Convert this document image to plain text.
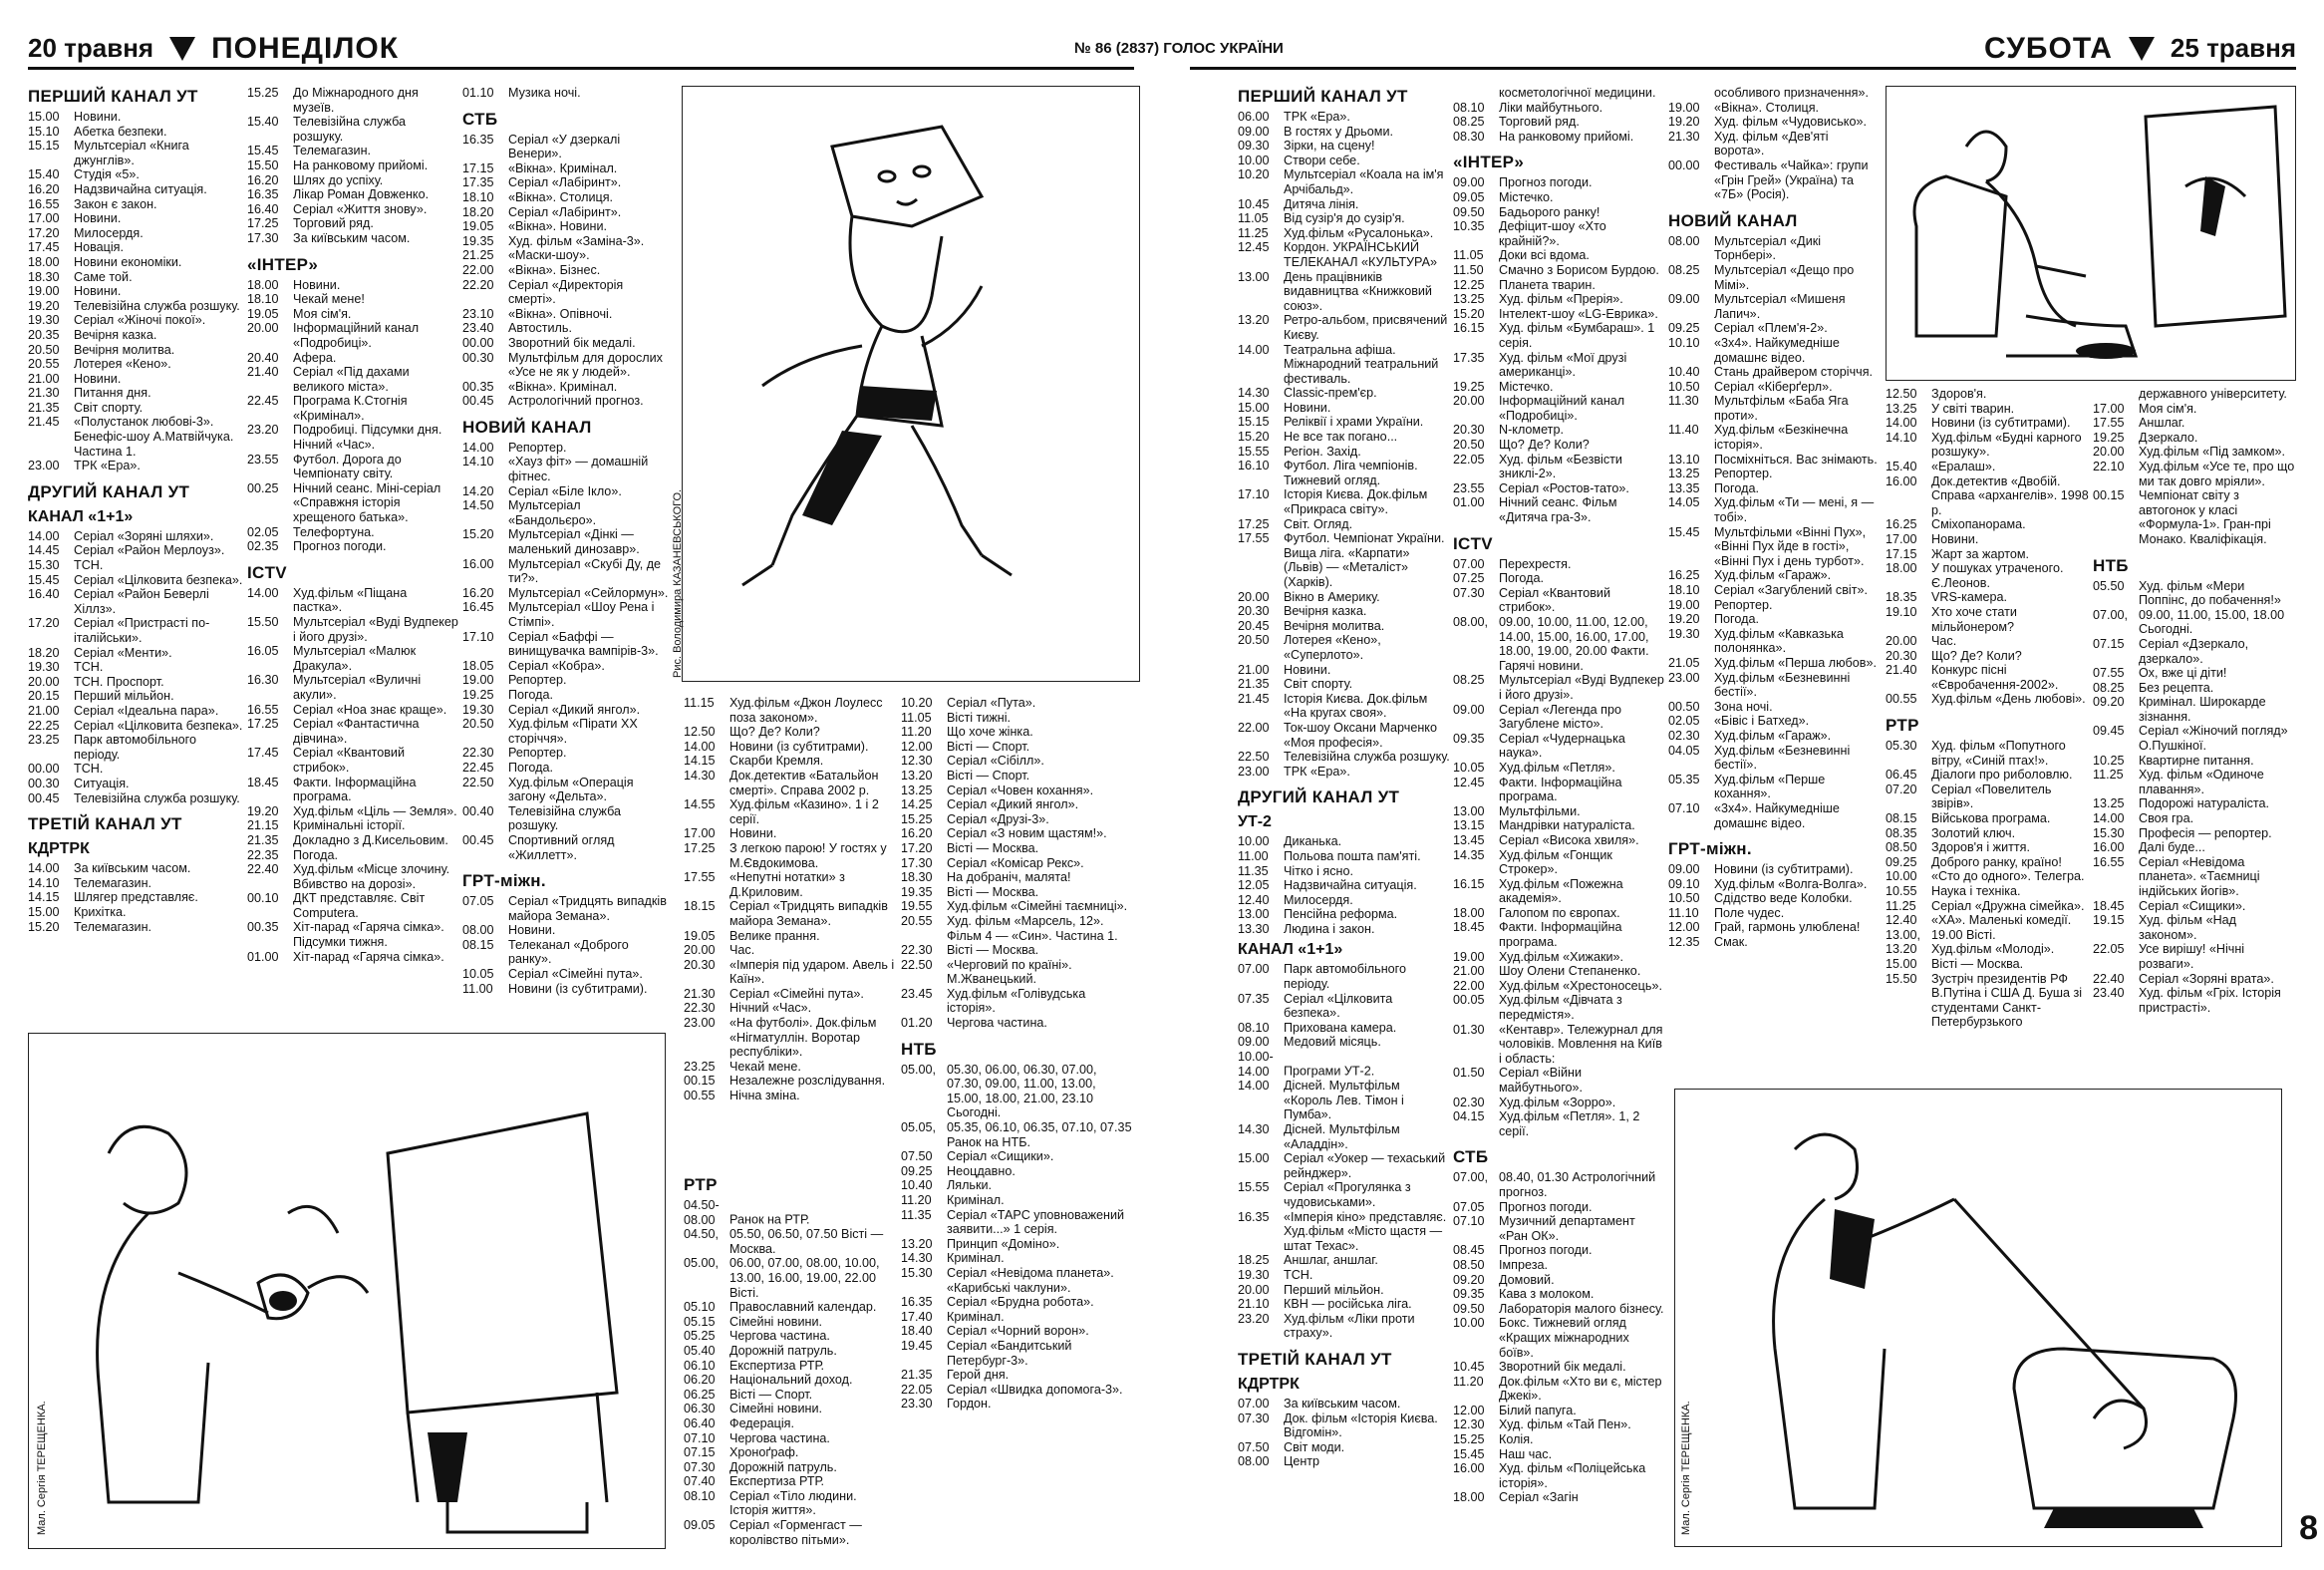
20 травня ПОНЕДІЛОК	№ 86 (2837) ГОЛОС УКРАЇНИ
ПЕРШИЙ КАНАЛ УТ
15.00 Новини.
15.10 Абетка безпеки.
15.15 Мультсеріал «Книга джунглів».
15.40 Студія «5».
16.20 Надзвичайна ситуація.
16.55 Закон є закон.
17.00 Новини.
17.20 Милосердя.
17.45 Новація.
18.00 Новини економіки.
18.30 Саме той.
19.00 Новини.
19.20 Телевізійна служба розшуку.
19.30 Серіал «Жіночі покої».
20.35 Вечірня казка.
20.50 Вечірня молитва.
20.55 Лотерея «Кено».
21.00 Новини.
21.30 Питання дня.
21.35 Світ спорту.
21.45 «Полустанок любові-3». Бенефіс-шоу А.Матвійчука. Частина 1.
23.00 ТРК «Ера».
ДРУГИЙ КАНАЛ УТ
КАНАЛ «1+1»
14.00 Серіал «Зоряні шляхи».
14.45 Серіал «Район Мерлоуз».
15.30 ТСН.
15.45 Серіал «Цілковита безпека».
16.40 Серіал «Район Беверлі Хіллз».
17.20 Серіал «Пристрасті по-італійськи».
18.20 Серіал «Менти».
19.30 ТСН.
20.00 ТСН. Проспорт.
20.15 Перший мільйон.
21.00 Серіал «Ідеальна пара».
22.25 Серіал «Цілковита безпека».
23.25 Парк автомобільного періоду.
00.00 ТСН.
00.30 Ситуація.
00.45 Телевізійна служба розшуку.
ТРЕТІЙ КАНАЛ УТ
КДРТРК
14.00 За київським часом.
14.10 Телемагазин.
14.15 Шлягер представляє.
15.00 Крихітка.
15.20 Телемагазин.
15.25 До Міжнародного дня музеїв.
15.40 Телевізійна служба розшуку.
15.45 Телемагазин.
15.50 На ранковому прийомі.
16.20 Шлях до успіху.
16.35 Лікар Роман Довженко.
16.40 Серіал «Життя знову».
17.25 Торговий ряд.
17.30 За київським часом.
«ІНТЕР»
18.00 Новини.
18.10 Чекай мене!
19.05 Моя сім'я.
20.00 Інформаційний канал «Подробиці».
20.40 Афера.
21.40 Серіал «Під дахами великого міста».
22.45 Програма К.Стогнія «Кримінал».
23.20 Подробиці. Підсумки дня. Нічний «Час».
23.55 Футбол. Дорога до Чемпіонату світу.
00.25 Нічний сеанс. Міні-серіал «Справжня історія хрещеного батька».
02.05 Телефортуна.
02.35 Прогноз погоди.
ICTV
14.00 Худ.фільм «Піщана пастка».
15.50 Мультсеріал «Вуді Вудпекер і його друзі».
16.05 Мультсеріал «Малюк Дракула».
16.30 Мультсеріал «Вуличні акули».
16.55 Серіал «Ноа знає краще».
17.25 Серіал «Фантастична дівчина».
17.45 Серіал «Квантовий стрибок».
18.45 Факти. Інформаційна програма.
19.20 Худ.фільм «Ціль — Земля».
21.15 Кримінальні історії.
21.35 Докладно з Д.Кисельовим.
22.35 Погода.
22.40 Худ.фільм «Місце злочину. Вбивство на дорозі».
00.10 ДКТ представляє. Світ Computera.
00.35 Хіт-парад «Гаряча сімка». Підсумки тижня.
01.00 Хіт-парад «Гаряча сімка».
01.10 Музика ночі.
СТБ
16.35 Серіал «У дзеркалі Венери».
17.15 «Вікна». Кримінал.
17.35 Серіал «Лабіринт».
18.10 «Вікна». Столиця.
18.20 Серіал «Лабіринт».
19.05 «Вікна». Новини.
19.35 Худ. фільм «Заміна-3».
21.25 «Маски-шоу».
22.00 «Вікна». Бізнес.
22.20 Серіал «Директорія смерті».
23.10 «Вікна». Опівночі.
23.40 Автостиль.
00.00 Зворотний бік медалі.
00.30 Мультфільм для дорослих «Усе не як у людей».
00.35 «Вікна». Кримінал.
00.45 Астрологічний прогноз.
НОВИЙ КАНАЛ
14.00 Репортер.
14.10 «Хауз фіт» — домашній фітнес.
14.20 Серіал «Біле Ікло».
14.50 Мультсеріал «Бандольєро».
15.20 Мультсеріал «Дінкі — маленький динозавр».
16.00 Мультсеріал «Скубі Ду, де ти?».
16.20 Мультсеріал «Сейлормун».
16.45 Мультсеріал «Шоу Рена і Стімпі».
17.10 Серіал «Баффі — винищувачка вампірів-3».
18.05 Серіал «Кобра».
19.00 Репортер.
19.25 Погода.
19.30 Серіал «Дикий янгол».
20.50 Худ.фільм «Пірати ХХ сторіччя».
22.30 Репортер.
22.45 Погода.
22.50 Худ.фільм «Операція загону «Дельта».
00.40 Телевізійна служба розшуку.
00.45 Спортивний огляд «Жиллетт».
ГРТ-міжн.
07.05 Серіал «Тридцять випадків майора Земана».
08.00 Новини.
08.15 Телеканал «Доброго ранку».
10.05 Серіал «Сімейні пута».
11.00 Новини (із субтитрами).
Рис. Володимира КАЗАНЕВСЬКОГО.
11.15 Худ.фільм «Джон Лоулесс поза законом».
12.50 Що? Де? Коли?
14.00 Новини (із субтитрами).
14.15 Скарби Кремля.
14.30 Док.детектив «Батальйон смерті». Справа 2002 р.
14.55 Худ.фільм «Казино». 1 і 2 серії.
17.00 Новини.
17.25 З легкою парою! У гостях у М.Євдокимова.
17.55 «Непутні нотатки» з Д.Криловим.
18.15 Серіал «Тридцять випадків майора Земана».
19.05 Велике прання.
20.00 Час.
20.30 «Імперія під ударом. Авель і Каїн».
21.30 Серіал «Сімейні пута».
22.30 Нічний «Час».
23.00 «На футболі». Док.фільм «Нігматуллін. Воротар республіки».
23.25 Чекай мене.
00.15 Незалежне розслідування.
00.55 Нічна зміна.
РТР
04.50-08.00 Ранок на РТР.
04.50, 05.50, 06.50, 07.50 Вісті — Москва.
05.00, 06.00, 07.00, 08.00, 10.00, 13.00, 16.00, 19.00, 22.00 Вісті.
05.10 Православний календар.
05.15 Сімейні новини.
05.25 Чергова частина.
05.40 Дорожній патруль.
06.10 Експертиза РТР.
06.20 Національний доход.
06.25 Вісті — Спорт.
06.30 Сімейні новини.
06.40 Федерація.
07.10 Чергова частина.
07.15 Хроноґраф.
07.30 Дорожній патруль.
07.40 Експертиза РТР.
08.10 Серіал «Тіло людини. Історія життя».
09.05 Серіал «Горменгаст — королівство пітьми».
10.20 Серіал «Пута».
11.05 Вісті тижні.
11.20 Що хоче жінка.
12.00 Вісті — Спорт.
12.30 Серіал «Сібілл».
13.20 Вісті — Спорт.
13.25 Серіал «Човен кохання».
14.25 Серіал «Дикий янгол».
15.25 Серіал «Друзі-3».
16.20 Серіал «З новим щастям!».
17.20 Вісті — Москва.
17.30 Серіал «Комісар Рекс».
18.30 На добраніч, малята!
19.35 Вісті — Москва.
19.55 Худ.фільм «Сімейні таємниці».
20.55 Худ. фільм «Марсель, 12». Фільм 4 — «Син». Частина 1.
22.30 Вісті — Москва.
22.50 «Черговий по країні». М.Жванецький.
23.45 Худ.фільм «Голівудська історія».
01.20 Чергова частина.
НТБ
05.00, 05.30, 06.00, 06.30, 07.00, 07.30, 09.00, 11.00, 13.00, 15.00, 18.00, 21.00, 23.10 Сьогодні.
05.05, 05.35, 06.10, 06.35, 07.10, 07.35 Ранок на НТБ.
07.50 Серіал «Сищики».
09.25 Неоцдавно.
10.40 Ляльки.
11.20 Кримінал.
11.35 Серіал «ТАРС уповноважений заявити...» 1 серія.
13.20 Принцип «Доміно».
14.30 Кримінал.
15.30 Серіал «Невідома планета». «Карибські чаклуни».
16.35 Серіал «Брудна робота».
17.40 Кримінал.
18.40 Серіал «Чорний ворон».
19.45 Серіал «Бандитський Петербург-3».
21.35 Герой дня.
22.05 Серіал «Швидка допомога-3».
23.30 Гордон.
Мал. Сергія ТЕРЕЩЕНКА.
СУБОТА 25 травня
ПЕРШИЙ КАНАЛ УТ
06.00 ТРК «Ера».
09.00 В гостях у Дрьоми.
09.30 Зірки, на сцену!
10.00 Створи себе.
10.20 Мультсеріал «Коала на ім'я Арчібальд».
10.45 Дитяча лінія.
11.05 Від сузір'я до сузір'я.
11.25 Худ.фільм «Русалонька».
12.45 Кордон. УКРАЇНСЬКИЙ ТЕЛЕКАНАЛ «КУЛЬТУРА»
13.00 День працівників видавництва «Книжковий союз».
13.20 Ретро-альбом, присвячений Києву.
14.00 Театральна афіша. Міжнародний театральний фестиваль.
14.30 Classic-прем'єр.
15.00 Новини.
15.15 Реліквії і храми України.
15.20 Не все так погано...
15.55 Регіон. Захід.
16.10 Футбол. Ліга чемпіонів. Тижневий огляд.
17.10 Історія Києва. Док.фільм «Прикраса світу».
17.25 Світ. Огляд.
17.55 Футбол. Чемпіонат України. Вища ліга. «Карпати» (Львів) — «Металіст» (Харків).
20.00 Вікно в Америку.
20.30 Вечірня казка.
20.45 Вечірня молитва.
20.50 Лотерея «Кено», «Суперлото».
21.00 Новини.
21.35 Світ спорту.
21.45 Історія Києва. Док.фільм «На кругах своя».
22.00 Ток-шоу Оксани Марченко «Моя професія».
22.50 Телевізійна служба розшуку.
23.00 ТРК «Ера».
ДРУГИЙ КАНАЛ УТ
УТ-2
10.00 Диканька.
11.00 Польова пошта пам'яті.
11.35 Чітко і ясно.
12.05 Надзвичайна ситуація.
12.40 Милосердя.
13.00 Пенсійна реформа.
13.30 Людина і закон.
КАНАЛ «1+1»
07.00 Парк автомобільного періоду.
07.35 Серіал «Цілковита безпека».
08.10 Прихована камера.
09.00 Медовий місяць.
10.00-14.00 Програми УТ-2.
14.00 Дісней. Мультфільм «Король Лев. Тімон і Пумба».
14.30 Дісней. Мультфільм «Аладдін».
15.00 Серіал «Уокер — техаський рейнджер».
15.55 Серіал «Прогулянка з чудовиськами».
16.35 «Імперія кіно» представляє. Худ.фільм «Місто щастя — штат Техас».
18.25 Аншлаг, аншлаг.
19.30 ТСН.
20.00 Перший мільйон.
21.10 КВН — російська ліга.
23.20 Худ.фільм «Ліки проти страху».
ТРЕТІЙ КАНАЛ УТ
КДРТРК
07.00 За київським часом.
07.30 Док. фільм «Історія Києва. Відгомін».
07.50 Світ моди.
08.00 Центр
косметологічної медицини.
08.10 Ліки майбутнього.
08.25 Торговий ряд.
08.30 На ранковому прийомі.
«ІНТЕР»
09.00 Прогноз погоди.
09.05 Містечко.
09.50 Бадьорого ранку!
10.35 Дефіцит-шоу «Хто крайній?».
11.05 Доки всі вдома.
11.50 Смачно з Борисом Бурдою.
12.25 Планета тварин.
13.25 Худ. фільм «Прерія».
15.20 Інтелект-шоу «LG-Еврика».
16.15 Худ. фільм «Бумбараш». 1 серія.
17.35 Худ. фільм «Мої друзі американці».
19.25 Містечко.
20.00 Інформаційний канал «Подробиці».
20.30 N-клометр.
20.50 Що? Де? Коли?
22.05 Худ. фільм «Безвісти зниклі-2».
23.55 Серіал «Ростов-тато».
01.00 Нічний сеанс. Фільм «Дитяча гра-3».
ICTV
07.00 Перехрестя.
07.25 Погода.
07.30 Серіал «Квантовий стрибок».
08.00, 09.00, 10.00, 11.00, 12.00, 14.00, 15.00, 16.00, 17.00, 18.00, 19.00, 20.00 Факти. Гарячі новини.
08.25 Мультсеріал «Вуді Вудпекер і його друзі».
09.00 Серіал «Легенда про Загублене місто».
09.35 Серіал «Чудернацька наука».
10.05 Худ.фільм «Петля».
12.45 Факти. Інформаційна програма.
13.00 Мультфільми.
13.15 Мандрівки натураліста.
13.45 Серіал «Висока хвиля».
14.35 Худ.фільм «Гонщик Строкер».
16.15 Худ.фільм «Пожежна академія».
18.00 Галопом по європах.
18.45 Факти. Інформаційна програма.
19.00 Худ.фільм «Хижаки».
21.00 Шоу Олени Степаненко.
22.00 Худ.фільм «Хрестоносець».
00.05 Худ.фільм «Дівчата з передмістя».
01.30 «Кентавр». Тележурнал для чоловіків. Мовлення на Київ і область:
01.50 Серіал «Війни майбутнього».
02.30 Худ.фільм «Зорро».
04.15 Худ.фільм «Петля». 1, 2 серії.
СТБ
07.00, 08.40, 01.30 Астрологічний прогноз.
07.05 Прогноз погоди.
07.10 Музичний департамент «Ран ОК».
08.45 Прогноз погоди.
08.50 Імпреза.
09.20 Домовий.
09.35 Кава з молоком.
09.50 Лабораторія малого бізнесу.
10.00 Бокс. Тижневий огляд «Кращих міжнародних боїв».
10.45 Зворотний бік медалі.
11.20 Док.фільм «Хто ви є, містер Джекі».
12.00 Білий папуга.
12.30 Худ. фільм «Тай Пен».
15.25 Колія.
15.45 Наш час.
16.00 Худ. фільм «Поліцейська історія».
18.00 Серіал «Загін
особливого призначення».
19.00 «Вікна». Столиця.
19.20 Худ. фільм «Чудовисько».
21.30 Худ. фільм «Дев'яті ворота».
00.00 Фестиваль «Чайка»: групи «Грін Грей» (Україна) та «7Б» (Росія).
НОВИЙ КАНАЛ
08.00 Мультсеріал «Дикі Торнбері».
08.25 Мультсеріал «Дещо про Мімі».
09.00 Мультсеріал «Мишеня Лапич».
09.25 Серіал «Плем'я-2».
10.10 «3х4». Найкумедніше домашнє відео.
10.40 Стань драйвером сторіччя.
10.50 Серіал «Кіберґерл».
11.30 Мультфільм «Баба Яга проти».
11.40 Худ.фільм «Безкінечна історія».
13.10 Посміхніться. Вас знімають.
13.25 Репортер.
13.35 Погода.
14.05 Худ.фільм «Ти — мені, я — тобі».
15.45 Мультфільми «Вінні Пух», «Вінні Пух йде в гості», «Вінні Пух і день турбот».
16.25 Худ.фільм «Гараж».
18.10 Серіал «Загублений світ».
19.00 Репортер.
19.20 Погода.
19.30 Худ.фільм «Кавказька полонянка».
21.05 Худ.фільм «Перша любов».
23.00 Худ.фільм «Безневинні бестії».
00.50 Зона ночі.
02.05 «Бівіс і Батхед».
02.30 Худ.фільм «Гараж».
04.05 Худ.фільм «Безневинні бестії».
05.35 Худ.фільм «Перше кохання».
07.10 «3х4». Найкумедніше домашнє відео.
ГРТ-міжн.
09.00 Новини (із субтитрами).
09.10 Худ.фільм «Волга-Волга».
10.50 Сдідство веде Колобки.
11.10 Поле чудес.
12.00 Грай, гармонь улюблена!
12.35 Смак.
12.50 Здоров'я.
13.25 У світі тварин.
14.00 Новини (із субтитрами).
14.10 Худ.фільм «Будні карного розшуку».
15.40 «Ералаш».
16.00 Док.детектив «Двобій. Справа «архангелів». 1998 р.
16.25 Смiхопанорама.
17.00 Новини.
17.15 Жарт за жартом.
18.00 У пошуках утраченого. Є.Леонов.
18.35 VRS-камера.
19.10 Хто хоче стати мільйонером?
20.00 Час.
20.30 Що? Де? Коли?
21.40 Конкурс пісні «Євробачення-2002».
00.55 Худ.фільм «День любові».
РТР
05.30 Худ. фільм «Попутного вітру, «Синій птах!».
06.45 Діалоги про риболовлю.
07.20 Серіал «Повелитель звірів».
08.15 Військова програма.
08.35 Золотий ключ.
08.50 Здоров'я і життя.
09.25 Доброго ранку, країно!
10.00 «Сто до одного». Телегра.
10.55 Наука і техніка.
11.25 Серіал «Дружна сімейка».
12.40 «ХА». Маленькі комедії.
13.00, 19.00 Вісті.
13.20 Худ.фільм «Молоді».
15.00 Вісті — Москва.
15.50 Зустріч президентів РФ В.Путіна і США Д. Буша зі студентами Санкт-Петербурзького
державного університету.
17.00 Моя сім'я.
17.55 Аншлаг.
19.25 Дзеркало.
20.00 Худ.фільм «Під замком».
22.10 Худ.фільм «Усе те, про що ми так довго мріяли».
00.15 Чемпіонат світу з автогонок у класі «Формула-1». Гран-прі Монако. Кваліфікація.
НТБ
05.50 Худ. фільм «Мери Поппінс, до побачення!»
07.00, 09.00, 11.00, 15.00, 18.00 Сьогодні.
07.15 Серіал «Дзеркало, дзеркало».
07.55 Ох, вже ці діти!
08.25 Без рецепта.
09.20 Кримінал. Широкарде зізнання.
09.45 Серіал «Жіночий погляд» О.Пушкіної.
10.25 Квартирне питання.
11.25 Худ. фільм «Одиноче плавання».
13.25 Подорожі натураліста.
14.00 Своя гра.
15.30 Професія — репортер.
16.00 Далі буде...
16.55 Серіал «Невідома планета». «Таємниці індійських йогів».
18.45 Серіал «Сищики».
19.15 Худ. фільм «Над законом».
22.05 Усе вирішу! «Нічні розваги».
22.40 Серіал «Зоряні врата».
23.40 Худ. фільм «Гріх. Історія пристрасті».
Мал. Сергія ТЕРЕЩЕНКА.	8
